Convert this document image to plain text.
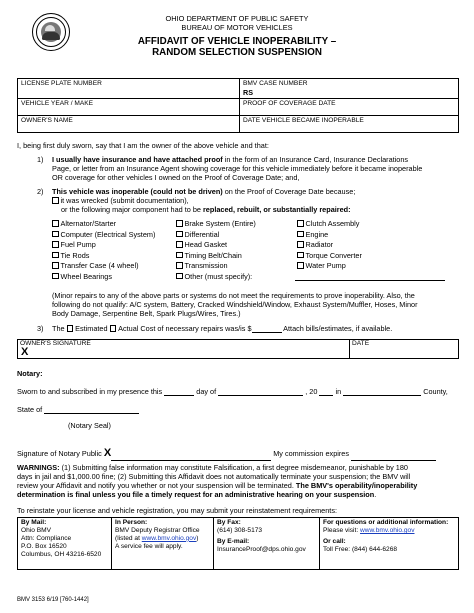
OHIO DEPARTMENT OF PUBLIC SAFETY
BUREAU OF MOTOR VEHICLES
AFFIDAVIT OF VEHICLE INOPERABILITY –
RANDOM SELECTION SUSPENSION
LICENSE PLATE NUMBER	BMV CASE NUMBER
RS

VEHICLE YEAR / MAKE	PROOF OF COVERAGE DATE
OWNER'S NAME	DATE VEHICLE BECAME INOPERABLE
I, being first duly sworn, say that I am the owner of the above vehicle and that:
1) I usually have insurance and have attached proof in the form of an Insurance Card, Insurance Declarations
Page, or letter from an Insurance Agent showing coverage for this vehicle immediately before it became inoperable
OR coverage for other vehicles I owned on the Proof of Coverage Date; and,
2) This vehicle was inoperable (could not be driven) on the Proof of Coverage Date because;
it was wrecked (submit documentation),
or the following major component had to be replaced, rebuilt, or substantially repaired:
Alternator/Starter	Brake System (Entire)	Clutch Assembly
Computer (Electrical System)	Differential	Engine
Fuel Pump	Head Gasket	Radiator
Tie Rods	Timing Belt/Chain	Torque Converter
Transfer Case (4 wheel)	Transmission	Water Pump
Wheel Bearings	Other (must specify):
(Minor repairs to any of the above parts or systems do not meet the requirements to prove inoperability. Also, the
following do not qualify: A/C system, Battery, Cracked Windshield/Window, Exhaust System/Muffler, Hoses, Minor
Body Damage, Serpentine Belt, Spark Plugs/Wires, Tires.)
3) The Estimated Actual Cost of necessary repairs was/is $	Attach bills/estimates, if available.
OWNER'S SIGNATURE
X
DATE
Notary:
Sworn to and subscribed in my presence this	day of	, 20 in	County,
State of
(Notary Seal)
Signature of Notary Public X	My commission expires
WARNINGS: (1) Submitting false information may constitute Falsification, a first degree misdemeanor, punishable by 180
days in jail and $1,000.00 fine; (2) Submitting this Affidavit does not automatically terminate your suspension; the BMV will
review your Affidavit and notify you whether or not your suspension will be terminated. The BMV's operability/inoperability
determination is final unless you file a timely request for an administrative hearing on your suspension.
To reinstate your license and vehicle registration, you may submit your reinstatement requirements:
By Mail:
Ohio BMV
Attn: Compliance
P.O. Box 16520
Columbus, OH 43216-6520

In Person:
BMV Deputy Registrar Office
(listed at www.bmv.ohio.gov)
A service fee will apply.

By Fax:
(614) 308-5173
By E-mail:
InsuranceProof@dps.ohio.gov

For questions or additional information:
Please visit: www.bmv.ohio.gov
Or call:
Toll Free: (844) 644-6268
BMV 3153 6/19 [760-1442]
